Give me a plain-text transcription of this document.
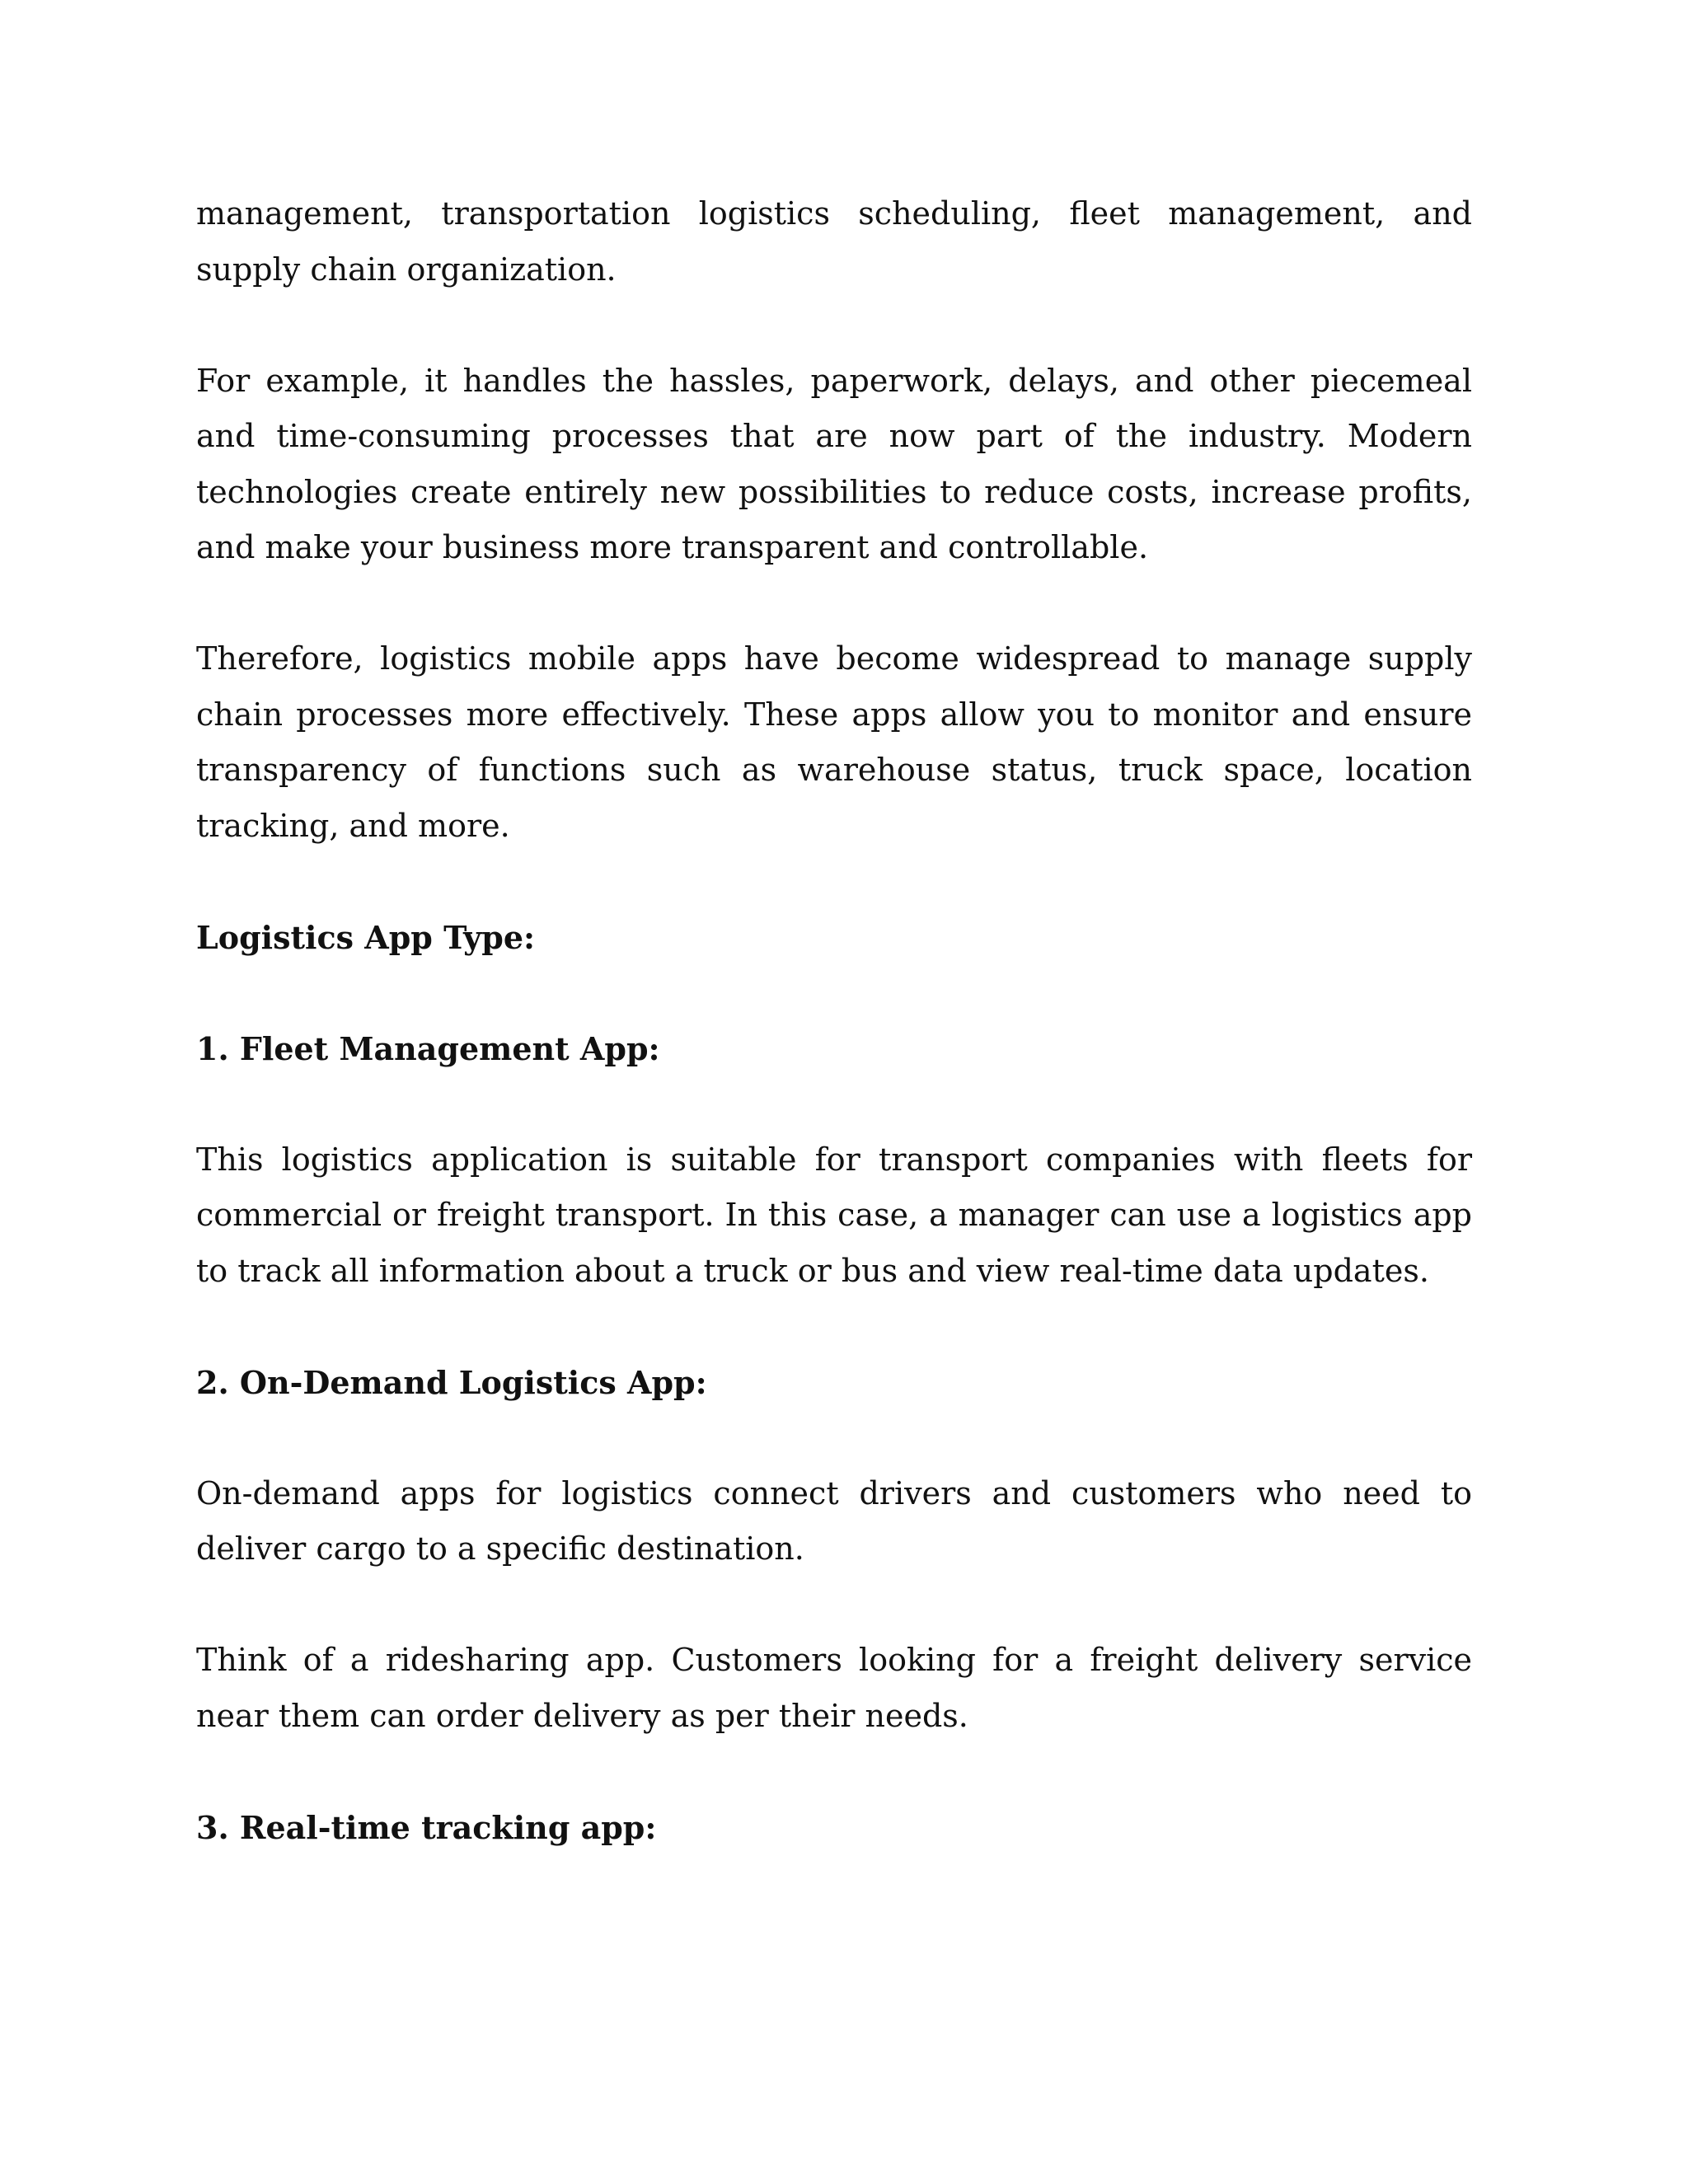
management, transportation logistics scheduling, fleet management, and supply chain organization.

For example, it handles the hassles, paperwork, delays, and other piecemeal and time-consuming processes that are now part of the industry. Modern technologies create entirely new possibilities to reduce costs, increase profits, and make your business more transparent and controllable.

Therefore, logistics mobile apps have become widespread to manage supply chain processes more effectively. These apps allow you to monitor and ensure transparency of functions such as warehouse status, truck space, location tracking, and more.

Logistics App Type:

1. Fleet Management App:

This logistics application is suitable for transport companies with fleets for commercial or freight transport. In this case, a manager can use a logistics app to track all information about a truck or bus and view real-time data updates.

2. On-Demand Logistics App:

On-demand apps for logistics connect drivers and customers who need to deliver cargo to a specific destination.

Think of a ridesharing app. Customers looking for a freight delivery service near them can order delivery as per their needs.

3. Real-time tracking app:
